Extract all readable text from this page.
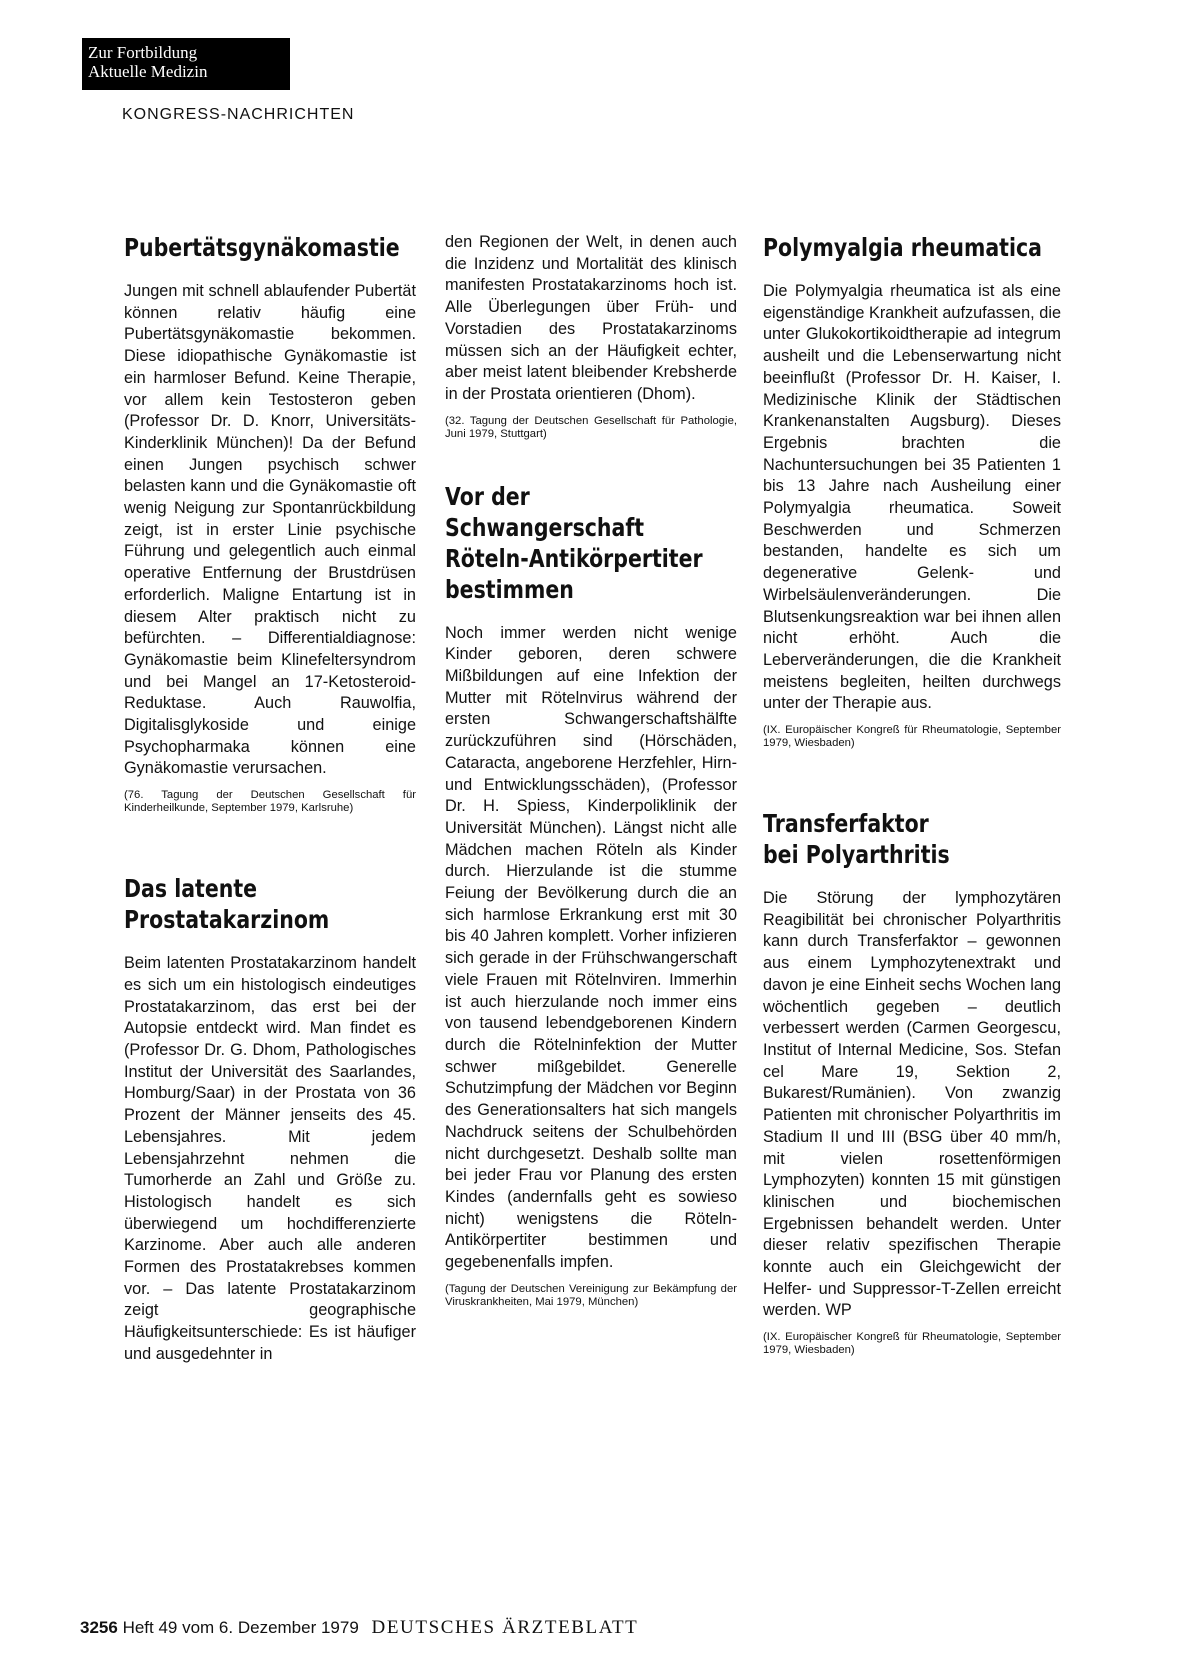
Zur Fortbildung
Aktuelle Medizin
KONGRESS-NACHRICHTEN
Pubertätsgynäkomastie

Jungen mit schnell ablaufender Pubertät können relativ häufig eine Pubertätsgynäkomastie bekommen. Diese idiopathische Gynäkomastie ist ein harmloser Befund. Keine Therapie, vor allem kein Testosteron geben (Professor Dr. D. Knorr, Universitäts-Kinderklinik München)! Da der Befund einen Jungen psychisch schwer belasten kann und die Gynäkomastie oft wenig Neigung zur Spontanrückbildung zeigt, ist in erster Linie psychische Führung und gelegentlich auch einmal operative Entfernung der Brustdrüsen erforderlich. Maligne Entartung ist in diesem Alter praktisch nicht zu befürchten. – Differentialdiagnose: Gynäkomastie beim Klinefeltersyndrom und bei Mangel an 17-Ketosteroid-Reduktase. Auch Rauwolfia, Digitalisglykoside und einige Psychopharmaka können eine Gynäkomastie verursachen.

(76. Tagung der Deutschen Gesellschaft für Kinderheilkunde, September 1979, Karlsruhe)

Das latente
Prostatakarzinom

Beim latenten Prostatakarzinom handelt es sich um ein histologisch eindeutiges Prostatakarzinom, das erst bei der Autopsie entdeckt wird. Man findet es (Professor Dr. G. Dhom, Pathologisches Institut der Universität des Saarlandes, Homburg/Saar) in der Prostata von 36 Prozent der Männer jenseits des 45. Lebensjahres. Mit jedem Lebensjahrzehnt nehmen die Tumorherde an Zahl und Größe zu. Histologisch handelt es sich überwiegend um hochdifferenzierte Karzinome. Aber auch alle anderen Formen des Prostatakrebses kommen vor. – Das latente Prostatakarzinom zeigt geographische Häufigkeitsunterschiede: Es ist häufiger und ausgedehnter in

den Regionen der Welt, in denen auch die Inzidenz und Mortalität des klinisch manifesten Prostatakarzinoms hoch ist. Alle Überlegungen über Früh- und Vorstadien des Prostatakarzinoms müssen sich an der Häufigkeit echter, aber meist latent bleibender Krebsherde in der Prostata orientieren (Dhom).

(32. Tagung der Deutschen Gesellschaft für Pathologie, Juni 1979, Stuttgart)

Vor der
Schwangerschaft
Röteln-Antikörpertiter
bestimmen

Noch immer werden nicht wenige Kinder geboren, deren schwere Mißbildungen auf eine Infektion der Mutter mit Rötelnvirus während der ersten Schwangerschaftshälfte zurückzuführen sind (Hörschäden, Cataracta, angeborene Herzfehler, Hirn- und Entwicklungsschäden), (Professor Dr. H. Spiess, Kinderpoliklinik der Universität München). Längst nicht alle Mädchen machen Röteln als Kinder durch. Hierzulande ist die stumme Feiung der Bevölkerung durch die an sich harmlose Erkrankung erst mit 30 bis 40 Jahren komplett. Vorher infizieren sich gerade in der Frühschwangerschaft viele Frauen mit Rötelnviren. Immerhin ist auch hierzulande noch immer eins von tausend lebendgeborenen Kindern durch die Rötelninfektion der Mutter schwer mißgebildet. Generelle Schutzimpfung der Mädchen vor Beginn des Generationsalters hat sich mangels Nachdruck seitens der Schulbehörden nicht durchgesetzt. Deshalb sollte man bei jeder Frau vor Planung des ersten Kindes (andernfalls geht es sowieso nicht) wenigstens die Röteln-Antikörpertiter bestimmen und gegebenenfalls impfen.

(Tagung der Deutschen Vereinigung zur Bekämpfung der Viruskrankheiten, Mai 1979, München)

Polymyalgia rheumatica

Die Polymyalgia rheumatica ist als eine eigenständige Krankheit aufzufassen, die unter Glukokortikoidtherapie ad integrum ausheilt und die Lebenserwartung nicht beeinflußt (Professor Dr. H. Kaiser, I. Medizinische Klinik der Städtischen Krankenanstalten Augsburg). Dieses Ergebnis brachten die Nachuntersuchungen bei 35 Patienten 1 bis 13 Jahre nach Ausheilung einer Polymyalgia rheumatica. Soweit Beschwerden und Schmerzen bestanden, handelte es sich um degenerative Gelenk- und Wirbelsäulenveränderungen. Die Blutsenkungsreaktion war bei ihnen allen nicht erhöht. Auch die Leberveränderungen, die die Krankheit meistens begleiten, heilten durchwegs unter der Therapie aus.

(IX. Europäischer Kongreß für Rheumatologie, September 1979, Wiesbaden)

Transferfaktor
bei Polyarthritis

Die Störung der lymphozytären Reagibilität bei chronischer Polyarthritis kann durch Transferfaktor – gewonnen aus einem Lymphozytenextrakt und davon je eine Einheit sechs Wochen lang wöchentlich gegeben – deutlich verbessert werden (Carmen Georgescu, Institut of Internal Medicine, Sos. Stefan cel Mare 19, Sektion 2, Bukarest/Rumänien). Von zwanzig Patienten mit chronischer Polyarthritis im Stadium II und III (BSG über 40 mm/h, mit vielen rosettenförmigen Lymphozyten) konnten 15 mit günstigen klinischen und biochemischen Ergebnissen behandelt werden. Unter dieser relativ spezifischen Therapie konnte auch ein Gleichgewicht der Helfer- und Suppressor-T-Zellen erreicht werden. WP

(IX. Europäischer Kongreß für Rheumatologie, September 1979, Wiesbaden)

3256 Heft 49 vom 6. Dezember 1979 DEUTSCHES ÄRZTEBLATT
